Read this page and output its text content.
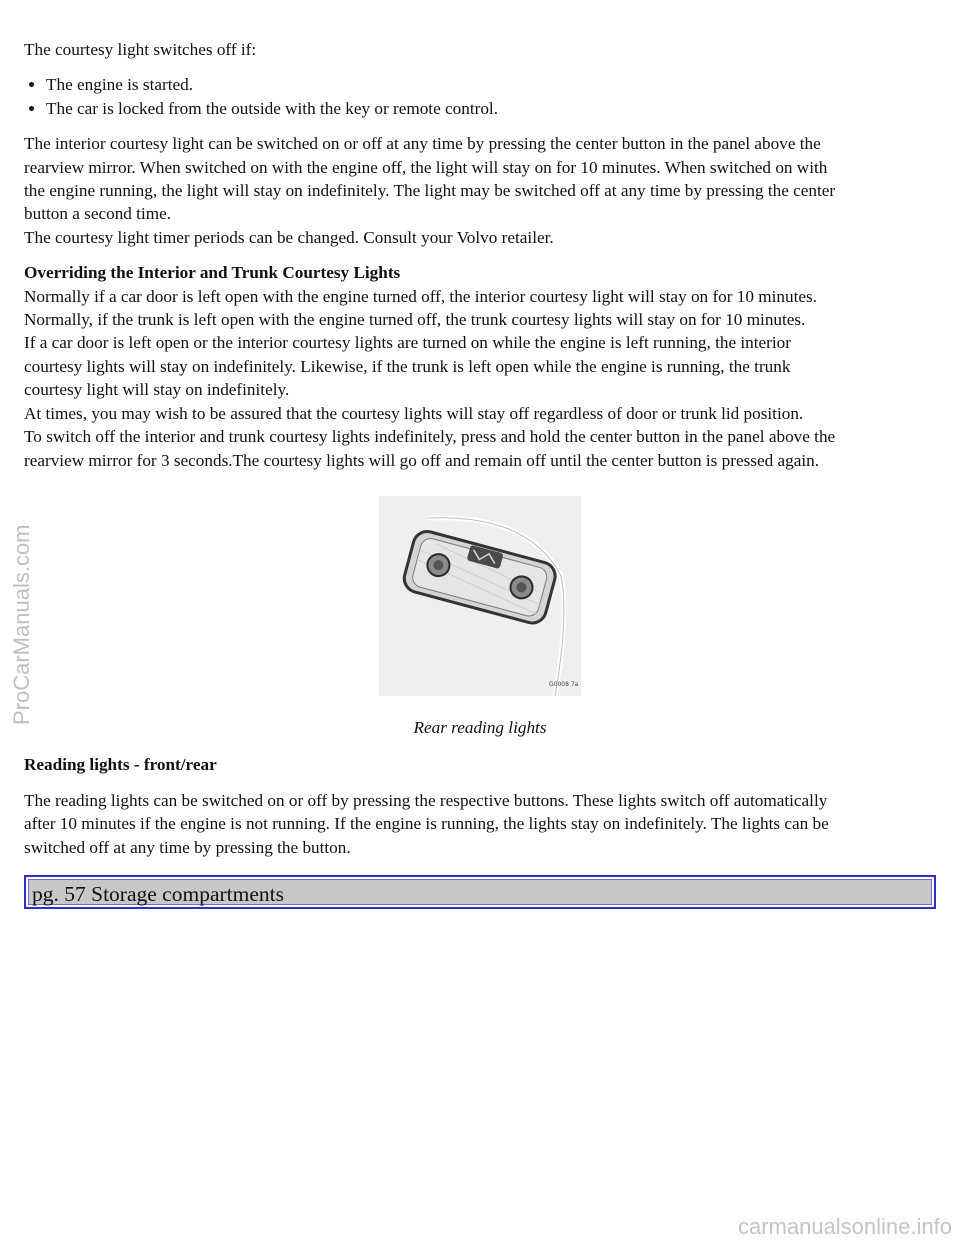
The courtesy light switches off if:

• The engine is started.
• The car is locked from the outside with the key or remote control.
The interior courtesy light can be switched on or off at any time by pressing the center button in the panel above the
rearview mirror. When switched on with the engine off, the light will stay on for 10 minutes. When switched on with
the engine running, the light will stay on indefinitely. The light may be switched off at any time by pressing the center
button a second time.
The courtesy light timer periods can be changed. Consult your Volvo retailer.
Overriding the Interior and Trunk Courtesy Lights
Normally if a car door is left open with the engine turned off, the interior courtesy light will stay on for 10 minutes.
Normally, if the trunk is left open with the engine turned off, the trunk courtesy lights will stay on for 10 minutes.
If a car door is left open or the interior courtesy lights are turned on while the engine is left running, the interior
courtesy lights will stay on indefinitely. Likewise, if the trunk is left open while the engine is running, the trunk
courtesy light will stay on indefinitely.
At times, you may wish to be assured that the courtesy lights will stay off regardless of door or trunk lid position.
To switch off the interior and trunk courtesy lights indefinitely, press and hold the center button in the panel above the
rearview mirror for 3 seconds.The courtesy lights will go off and remain off until the center button is pressed again.
G0008 7a
Rear reading lights
Reading lights - front/rear
The reading lights can be switched on or off by pressing the respective buttons. These lights switch off automatically
after 10 minutes if the engine is not running. If the engine is running, the lights stay on indefinitely. The lights can be
switched off at any time by pressing the button.
pg. 57 Storage compartments
ProCarManuals.com
carmanualsonline.info
